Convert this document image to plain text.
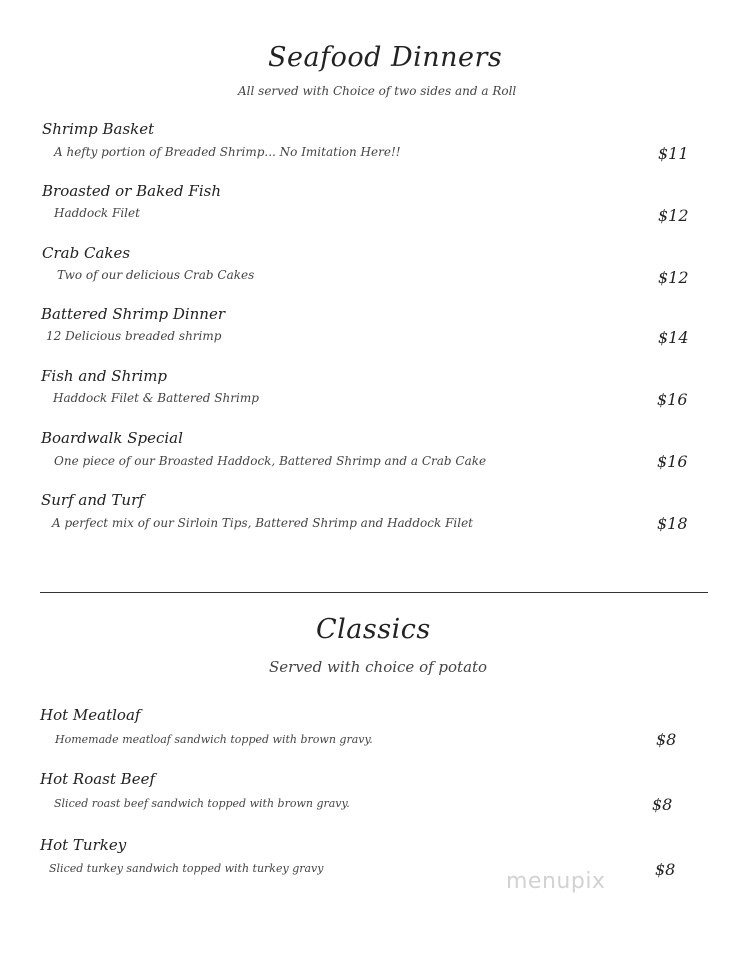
Seafood Dinners
All served with Choice of two sides and a Roll
Shrimp Basket
A hefty portion of Breaded Shrimp... No Imitation Here!!	$11
Broasted or Baked Fish
Haddock Filet	$12
Crab Cakes
Two of our delicious Crab Cakes	$12
Battered Shrimp Dinner
12 Delicious breaded shrimp	$14
Fish and Shrimp
Haddock Filet & Battered Shrimp	$16
Boardwalk Special
One piece of our Broasted Haddock, Battered Shrimp and a Crab Cake	$16
Surf and Turf
A perfect mix of our Sirloin Tips, Battered Shrimp and Haddock Filet	$18
Classics
Served with choice of potato
Hot Meatloaf
Homemade meatloaf sandwich topped with brown gravy.	$8
Hot Roast Beef
Sliced roast beef sandwich topped with brown gravy.	$8
Hot Turkey
Sliced turkey sandwich topped with turkey gravy	$8
menupix
